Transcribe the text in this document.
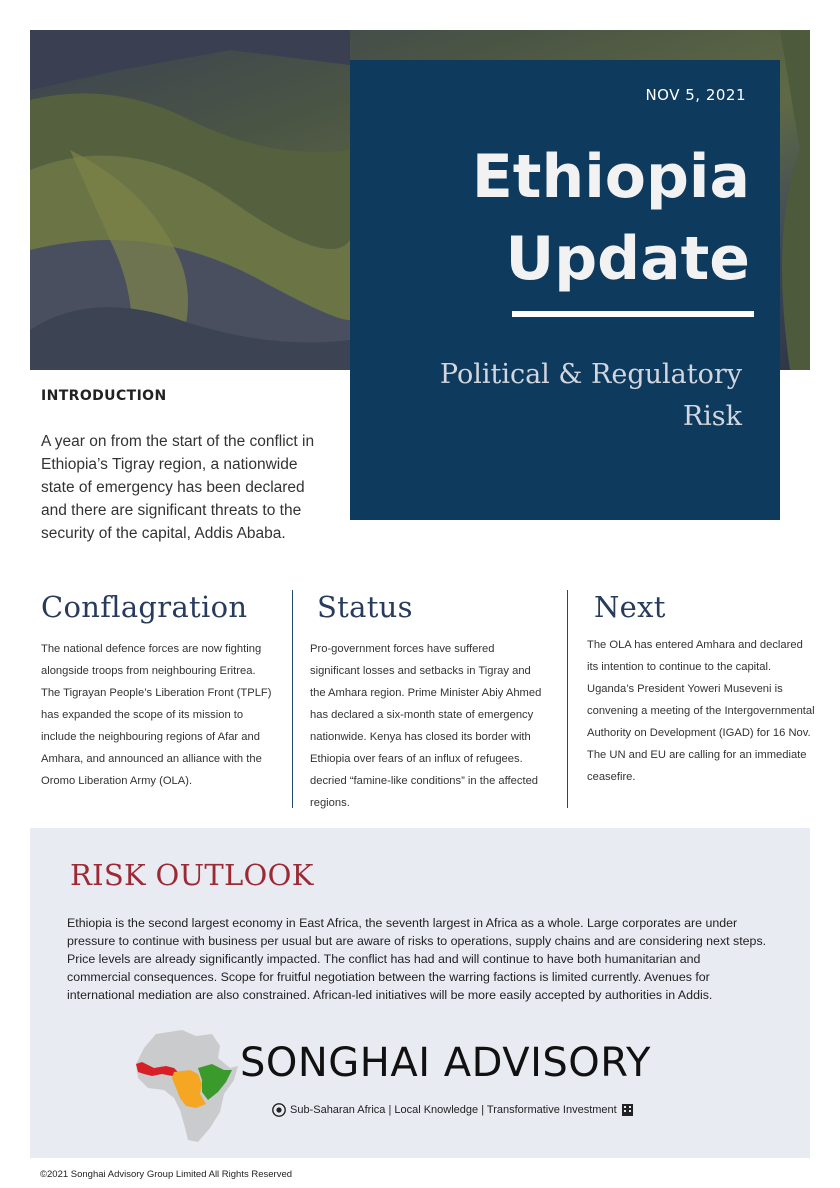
NOV 5, 2021
Ethiopia
Update
Political & Regulatory Risk
INTRODUCTION
A year on from the start of the conflict in Ethiopia’s Tigray region, a nationwide state of emergency has been declared and there are significant threats to the security of the capital, Addis Ababa.
Conflagration

The national defence forces are now fighting alongside troops from neighbouring Eritrea. The Tigrayan People’s Liberation Front (TPLF) has expanded the scope of its mission to include the neighbouring regions of Afar and Amhara, and announced an alliance with the Oromo Liberation Army (OLA).

Status

Pro-government forces have suffered significant losses and setbacks in Tigray and the Amhara region. Prime Minister Abiy Ahmed has declared a six-month state of emergency nationwide. Kenya has closed its border with Ethiopia over fears of an influx of refugees. decried “famine-like conditions” in the affected regions.

Next

The OLA has entered Amhara and declared its intention to continue to the capital. Uganda’s President Yoweri Museveni is convening a meeting of the Intergovernmental Authority on Development (IGAD) for 16 Nov. The UN and EU are calling for an immediate ceasefire.

RISK OUTLOOK

Ethiopia is the second largest economy in East Africa, the seventh largest in Africa as a whole. Large corporates are under pressure to continue with business per usual but are aware of risks to operations, supply chains and are considering next steps. Price levels are already significantly impacted. The conflict has had and will continue to have both humanitarian and commercial consequences. Scope for fruitful negotiation between the warring factions is limited currently. Avenues for international mediation are also constrained. African-led initiatives will be more easily accepted by authorities in Addis.

SONGHAI ADVISORY
Sub-Saharan Africa | Local Knowledge | Transformative Investment
©2021 Songhai Advisory Group Limited All Rights Reserved
